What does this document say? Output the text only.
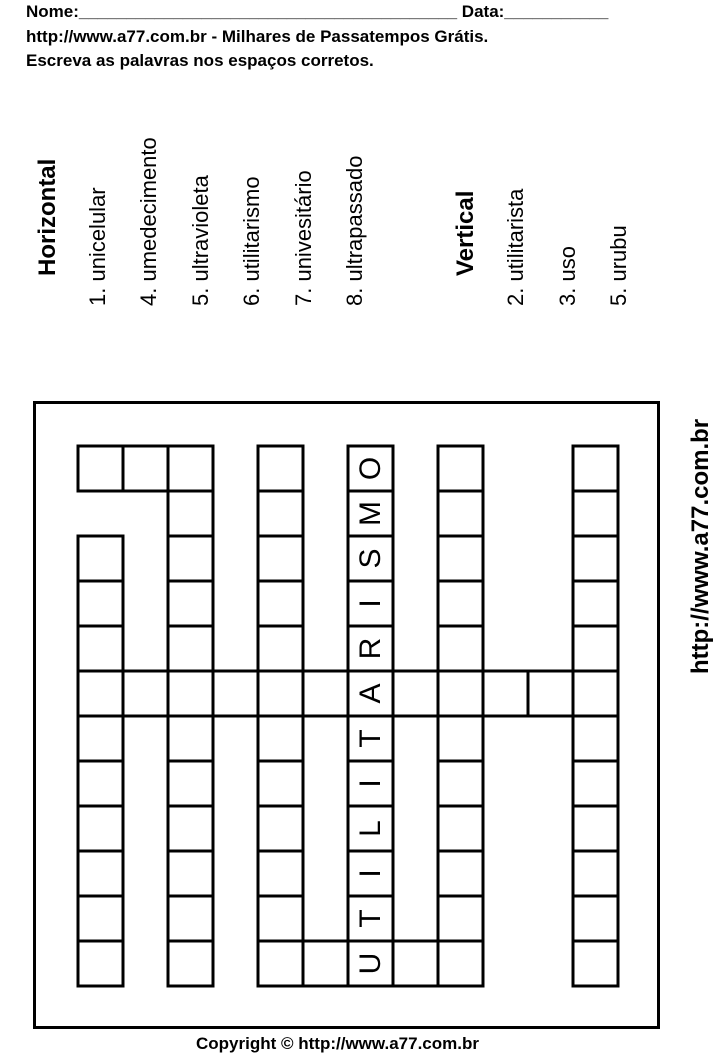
Nome:________________________________________ Data:___________
http://www.a77.com.br - Milhares de Passatempos Grátis.
Escreva as palavras nos espaços corretos.
Horizontal 1. unicelular 4. umedecimento 5. ultravioleta 6. utilitarismo 7. univesitário 8. ultrapassado	Vertical 2. utilitarista 3. uso 5. urubu
http://www.a77.com.br
U
T
I
L
I
T
A
R
I
S
M
O
Copyright © http://www.a77.com.br
